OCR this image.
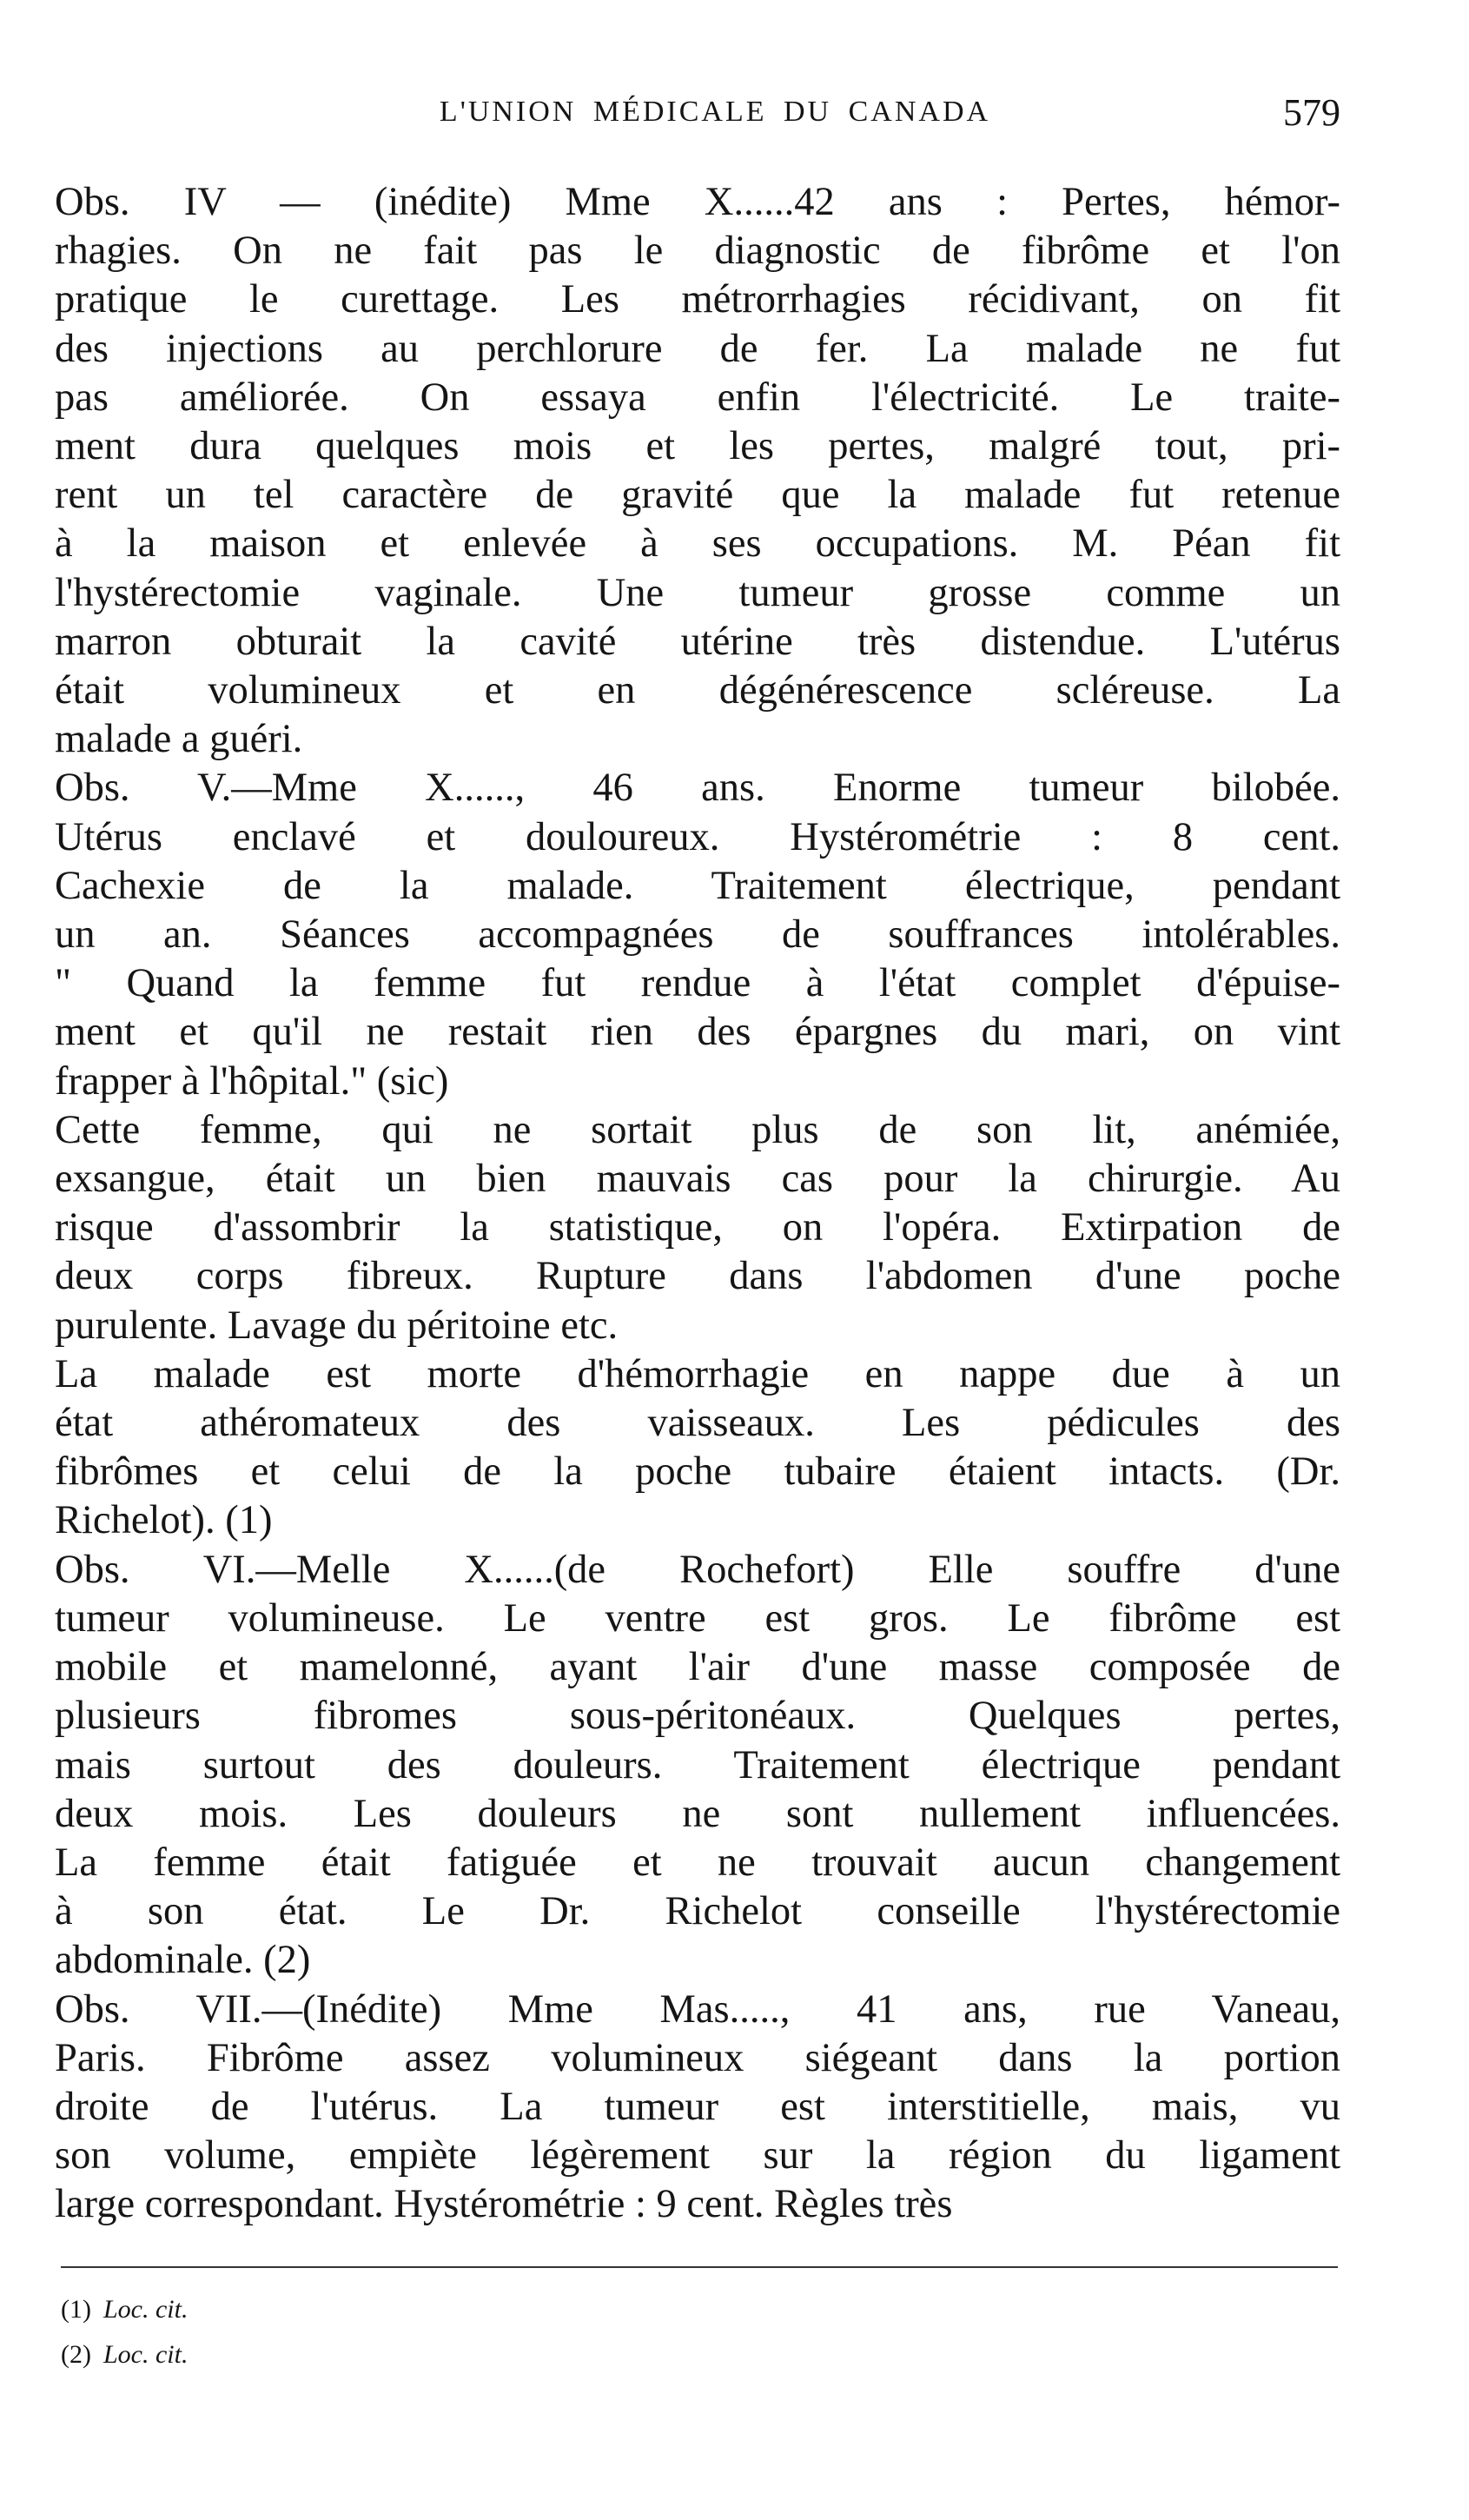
L'UNION MÉDICALE DU CANADA	579

Obs. IV — (inédite) Mme X......42 ans : Pertes, hémor-
rhagies. On ne fait pas le diagnostic de fibrôme et l'on
pratique le curettage. Les métrorrhagies récidivant, on fit
des injections au perchlorure de fer. La malade ne fut
pas améliorée. On essaya enfin l'électricité. Le traite-
ment dura quelques mois et les pertes, malgré tout, pri-
rent un tel caractère de gravité que la malade fut retenue
à la maison et enlevée à ses occupations. M. Péan fit
l'hystérectomie vaginale. Une tumeur grosse comme un
marron obturait la cavité utérine très distendue. L'utérus
était volumineux et en dégénérescence scléreuse. La
malade a guéri.

Obs. V.—Mme X......, 46 ans. Enorme tumeur bilobée.
Utérus enclavé et douloureux. Hystérométrie : 8 cent.
Cachexie de la malade. Traitement électrique, pendant
un an. Séances accompagnées de souffrances intolérables.
" Quand la femme fut rendue à l'état complet d'épuise-
ment et qu'il ne restait rien des épargnes du mari, on vint
frapper à l'hôpital." (sic)

Cette femme, qui ne sortait plus de son lit, anémiée,
exsangue, était un bien mauvais cas pour la chirurgie. Au
risque d'assombrir la statistique, on l'opéra. Extirpation de
deux corps fibreux. Rupture dans l'abdomen d'une poche
purulente. Lavage du péritoine etc.

La malade est morte d'hémorrhagie en nappe due à un
état athéromateux des vaisseaux. Les pédicules des
fibrômes et celui de la poche tubaire étaient intacts. (Dr.
Richelot). (1)

Obs. VI.—Melle X......(de Rochefort) Elle souffre d'une
tumeur volumineuse. Le ventre est gros. Le fibrôme est
mobile et mamelonné, ayant l'air d'une masse composée de
plusieurs fibromes sous-péritonéaux. Quelques pertes,
mais surtout des douleurs. Traitement électrique pendant
deux mois. Les douleurs ne sont nullement influencées.
La femme était fatiguée et ne trouvait aucun changement
à son état. Le Dr. Richelot conseille l'hystérectomie
abdominale. (2)

Obs. VII.—(Inédite) Mme Mas....., 41 ans, rue Vaneau,
Paris. Fibrôme assez volumineux siégeant dans la portion
droite de l'utérus. La tumeur est interstitielle, mais, vu
son volume, empiète légèrement sur la région du ligament
large correspondant. Hystérométrie : 9 cent. Règles très

(1) Loc. cit.
(2) Loc. cit.
